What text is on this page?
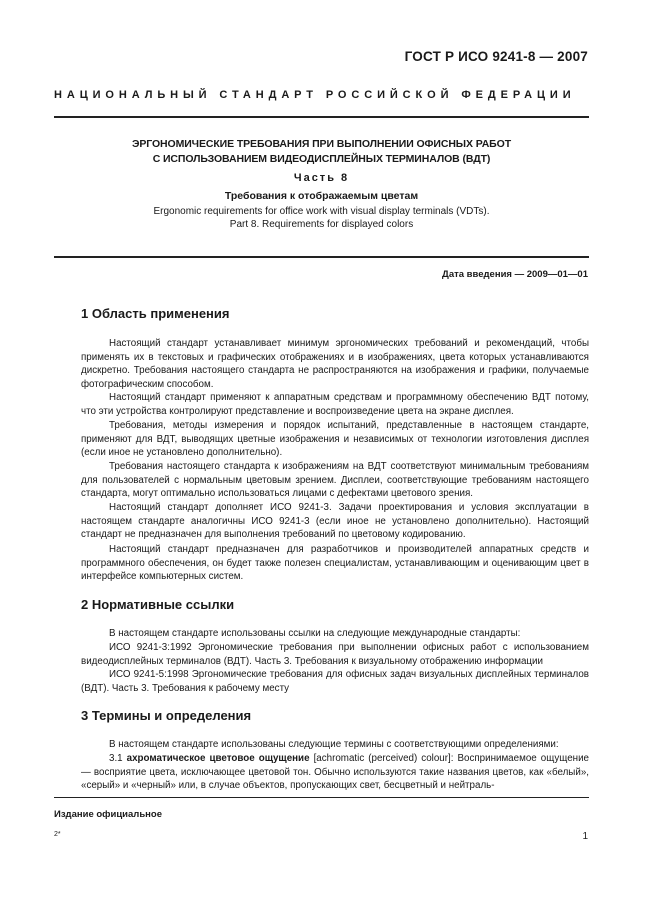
ГОСТ Р ИСО 9241-8 — 2007
НАЦИОНАЛЬНЫЙ СТАНДАРТ РОССИЙСКОЙ ФЕДЕРАЦИИ
ЭРГОНОМИЧЕСКИЕ ТРЕБОВАНИЯ ПРИ ВЫПОЛНЕНИИ ОФИСНЫХ РАБОТ
С ИСПОЛЬЗОВАНИЕМ ВИДЕОДИСПЛЕЙНЫХ ТЕРМИНАЛОВ (ВДТ)
Часть 8
Требования к отображаемым цветам
Ergonomic requirements for office work with visual display terminals (VDTs).
Part 8. Requirements for displayed colors
Дата введения — 2009—01—01
1 Область применения
Настоящий стандарт устанавливает минимум эргономических требований и рекомендаций, чтобы применять их в текстовых и графических отображениях и в изображениях, цвета которых устанавливаются дискретно. Требования настоящего стандарта не распространяются на изображения и графики, получаемые фотографическим способом.
Настоящий стандарт применяют к аппаратным средствам и программному обеспечению ВДТ потому, что эти устройства контролируют представление и воспроизведение цвета на экране дисплея.
Требования, методы измерения и порядок испытаний, представленные в настоящем стандарте, применяют для ВДТ, выводящих цветные изображения и независимых от технологии изготовления дисплея (если иное не установлено дополнительно).
Требования настоящего стандарта к изображениям на ВДТ соответствуют минимальным требованиям для пользователей с нормальным цветовым зрением. Дисплеи, соответствующие требованиям настоящего стандарта, могут оптимально использоваться лицами с дефектами цветового зрения.
Настоящий стандарт дополняет ИСО 9241-3. Задачи проектирования и условия эксплуатации в настоящем стандарте аналогичны ИСО 9241-3 (если иное не установлено дополнительно). Настоящий стандарт не предназначен для выполнения требований по цветовому кодированию.
Настоящий стандарт предназначен для разработчиков и производителей аппаратных средств и программного обеспечения, он будет также полезен специалистам, устанавливающим и оценивающим цвет в интерфейсе компьютерных систем.
2 Нормативные ссылки
В настоящем стандарте использованы ссылки на следующие международные стандарты:
ИСО 9241-3:1992 Эргономические требования при выполнении офисных работ с использованием видеодисплейных терминалов (ВДТ). Часть 3. Требования к визуальному отображению информации
ИСО 9241-5:1998 Эргономические требования для офисных задач визуальных дисплейных терминалов (ВДТ). Часть 3. Требования к рабочему месту
3 Термины и определения
В настоящем стандарте использованы следующие термины с соответствующими определениями:
3.1 ахроматическое цветовое ощущение [achromatic (perceived) colour]: Воспринимаемое ощущение — восприятие цвета, исключающее цветовой тон. Обычно используются такие названия цветов, как «белый», «серый» и «черный» или, в случае объектов, пропускающих свет, бесцветный и нейтраль-
Издание официальное
2*	1
